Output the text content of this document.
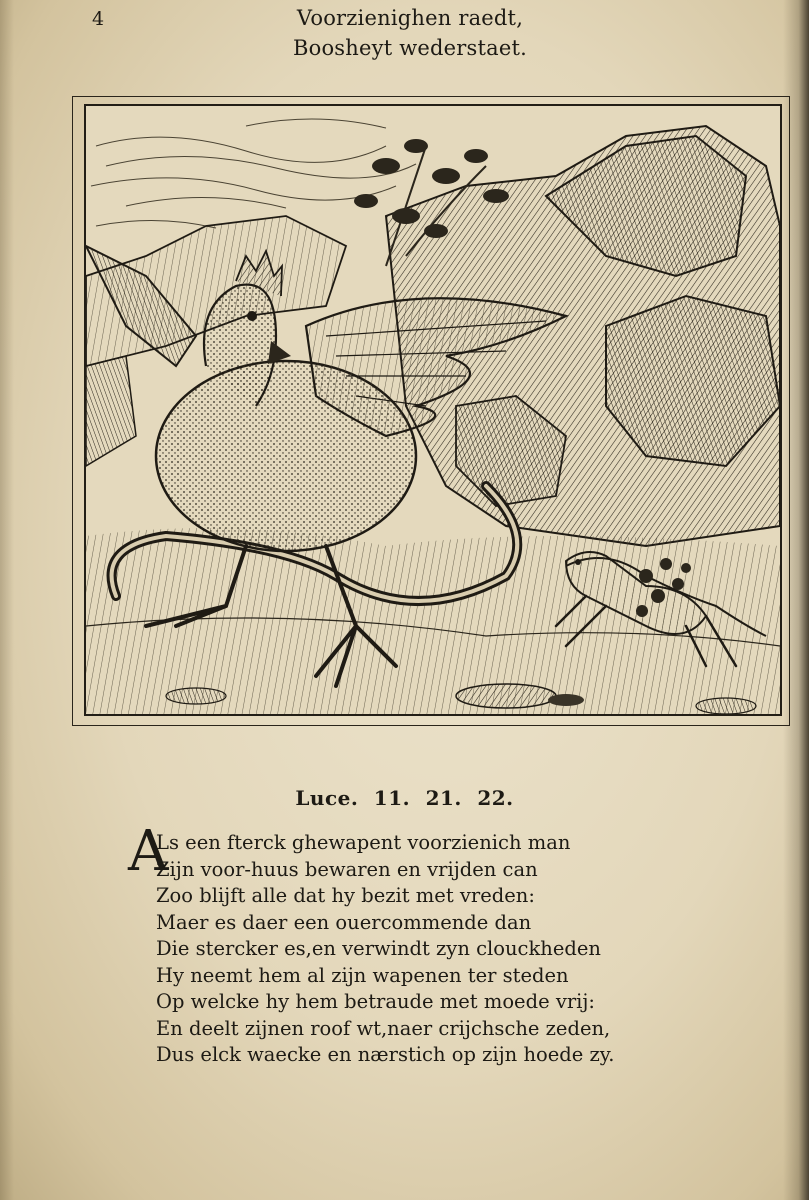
4	Voorzienighen raedt,
Boosheyt wederstaet.
Luce. 11. 21. 22.
A
Ls een fterck ghewapent voorzienich man
Zijn voor-huus bewaren en vrijden can
Zoo blijft alle dat hy bezit met vreden:
Maer es daer een ouercommende dan
Die stercker es,en verwindt zyn clouckheden
Hy neemt hem al zijn wapenen ter steden
Op welcke hy hem betraude met moede vrij:
En deelt zijnen roof wt,naer crijchsche zeden,
Dus elck waecke en nærstich op zijn hoede zy.
